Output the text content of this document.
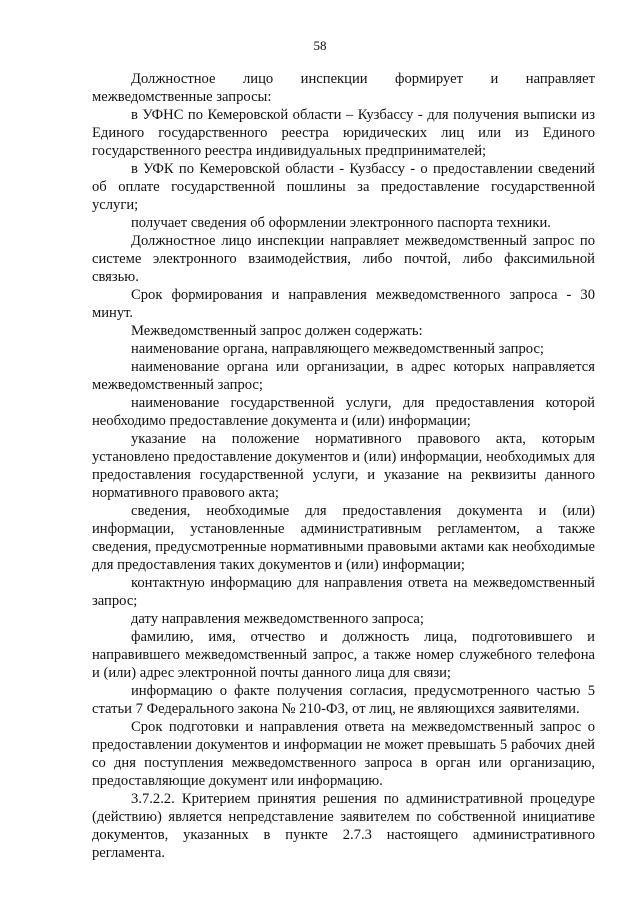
58

Должностное лицо инспекции формирует и направляет межведомственные запросы:

в УФНС по Кемеровской области – Кузбассу - для получения выписки из Единого государственного реестра юридических лиц или из Единого государственного реестра индивидуальных предпринимателей;

в УФК по Кемеровской области - Кузбассу - о предоставлении сведений об оплате государственной пошлины за предоставление государственной услуги;

получает сведения об оформлении электронного паспорта техники.

Должностное лицо инспекции направляет межведомственный запрос по системе электронного взаимодействия, либо почтой, либо факсимильной связью.

Срок формирования и направления межведомственного запроса - 30 минут.

Межведомственный запрос должен содержать:

наименование органа, направляющего межведомственный запрос;

наименование органа или организации, в адрес которых направляется межведомственный запрос;

наименование государственной услуги, для предоставления которой необходимо предоставление документа и (или) информации;

указание на положение нормативного правового акта, которым установлено предоставление документов и (или) информации, необходимых для предоставления государственной услуги, и указание на реквизиты данного нормативного правового акта;

сведения, необходимые для предоставления документа и (или) информации, установленные административным регламентом, а также сведения, предусмотренные нормативными правовыми актами как необходимые для предоставления таких документов и (или) информации;

контактную информацию для направления ответа на межведомственный запрос;

дату направления межведомственного запроса;

фамилию, имя, отчество и должность лица, подготовившего и направившего межведомственный запрос, а также номер служебного телефона и (или) адрес электронной почты данного лица для связи;

информацию о факте получения согласия, предусмотренного частью 5 статьи 7 Федерального закона № 210-ФЗ, от лиц, не являющихся заявителями.

Срок подготовки и направления ответа на межведомственный запрос о предоставлении документов и информации не может превышать 5 рабочих дней со дня поступления межведомственного запроса в орган или организацию, предоставляющие документ или информацию.

3.7.2.2. Критерием принятия решения по административной процедуре (действию) является непредставление заявителем по собственной инициативе документов, указанных в пункте 2.7.3 настоящего административного регламента.
